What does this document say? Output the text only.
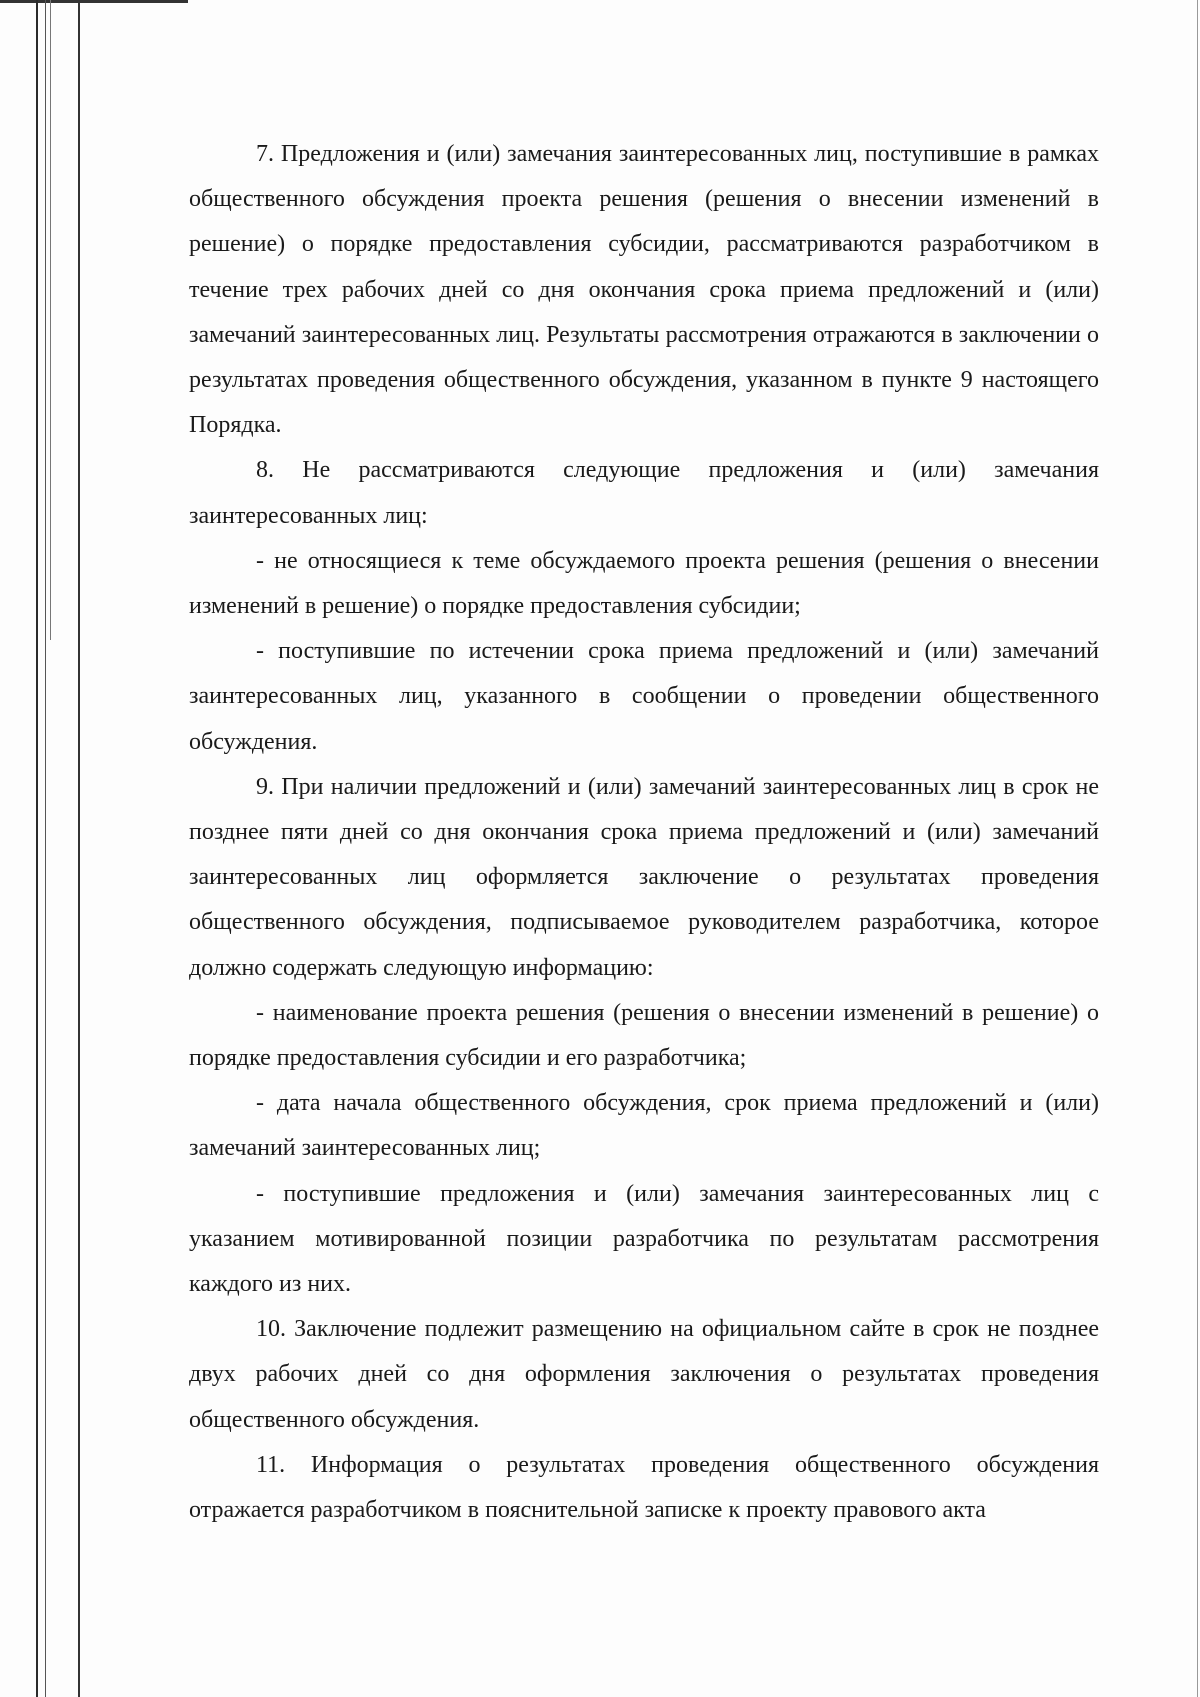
7. Предложения и (или) замечания заинтересованных лиц, поступившие в рамках общественного обсуждения проекта решения (решения о внесении изменений в решение) о порядке предоставления субсидии, рассматриваются разработчиком в течение трех рабочих дней со дня окончания срока приема предложений и (или) замечаний заинтересованных лиц. Результаты рассмотрения отражаются в заключении о результатах проведения общественного обсуждения, указанном в пункте 9 настоящего Порядка.

8. Не рассматриваются следующие предложения и (или) замечания заинтересованных лиц:

- не относящиеся к теме обсуждаемого проекта решения (решения о внесении изменений в решение) о порядке предоставления субсидии;

- поступившие по истечении срока приема предложений и (или) замечаний заинтересованных лиц, указанного в сообщении о проведении общественного обсуждения.

9. При наличии предложений и (или) замечаний заинтересованных лиц в срок не позднее пяти дней со дня окончания срока приема предложений и (или) замечаний заинтересованных лиц оформляется заключение о результатах проведения общественного обсуждения, подписываемое руководителем разработчика, которое должно содержать следующую информацию:

- наименование проекта решения (решения о внесении изменений в решение) о порядке предоставления субсидии и его разработчика;

- дата начала общественного обсуждения, срок приема предложений и (или) замечаний заинтересованных лиц;

- поступившие предложения и (или) замечания заинтересованных лиц с указанием мотивированной позиции разработчика по результатам рассмотрения каждого из них.

10. Заключение подлежит размещению на официальном сайте в срок не позднее двух рабочих дней со дня оформления заключения о результатах проведения общественного обсуждения.

11. Информация о результатах проведения общественного обсуждения отражается разработчиком в пояснительной записке к проекту правового акта
